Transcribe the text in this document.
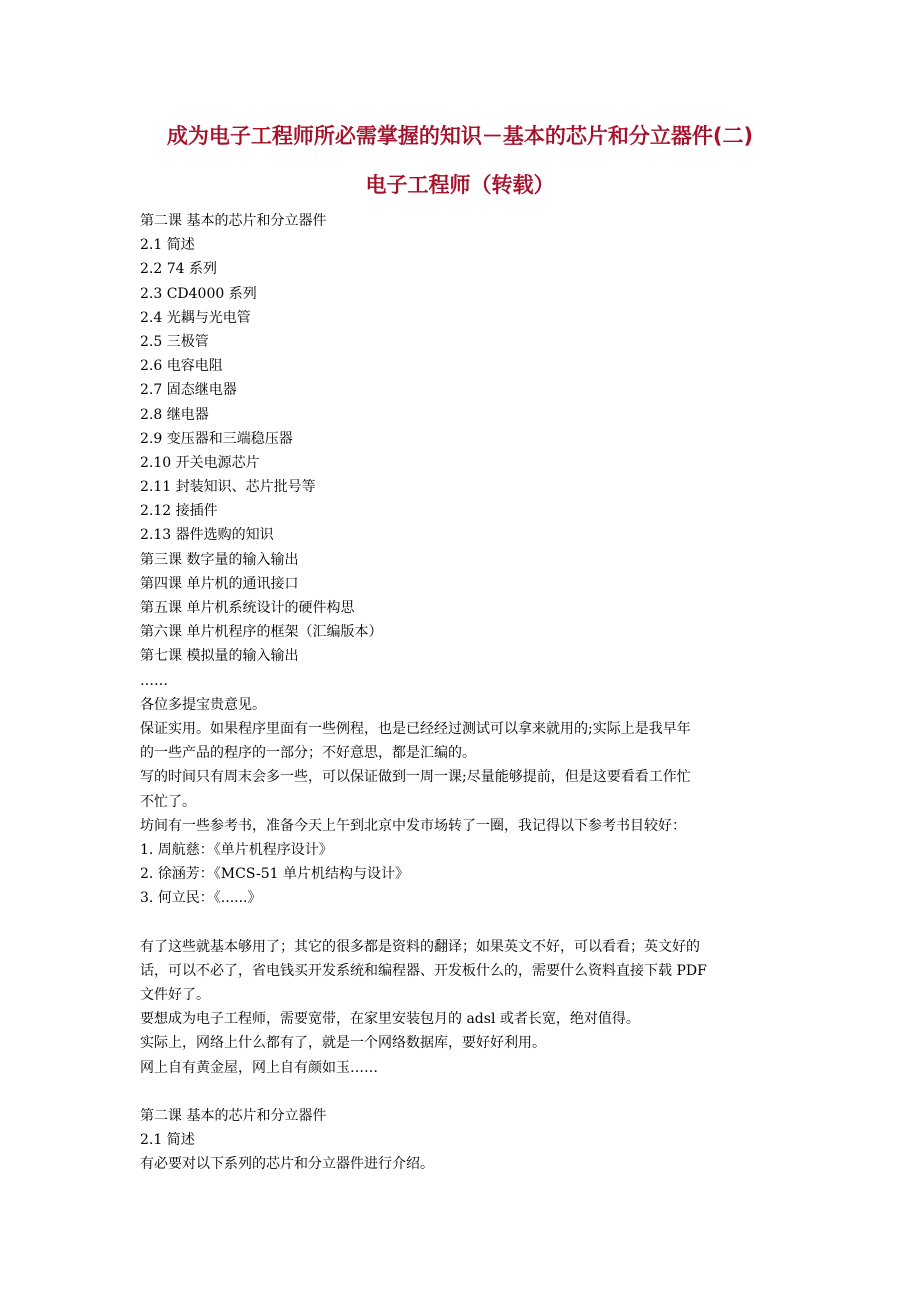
成为电子工程师所必需掌握的知识－基本的芯片和分立器件(二)
电子工程师（转载）
第二课 基本的芯片和分立器件
2.1 简述
2.2 74 系列
2.3 CD4000 系列
2.4 光耦与光电管
2.5 三极管
2.6 电容电阻
2.7 固态继电器
2.8 继电器
2.9 变压器和三端稳压器
2.10 开关电源芯片
2.11 封装知识、芯片批号等
2.12 接插件
2.13 器件选购的知识
第三课 数字量的输入输出
第四课 单片机的通讯接口
第五课 单片机系统设计的硬件构思
第六课 单片机程序的框架（汇编版本）
第七课 模拟量的输入输出
……
各位多提宝贵意见。
保证实用。如果程序里面有一些例程，也是已经经过测试可以拿来就用的;实际上是我早年
的一些产品的程序的一部分；不好意思，都是汇编的。
写的时间只有周末会多一些，可以保证做到一周一课;尽量能够提前，但是这要看看工作忙
不忙了。
坊间有一些参考书，准备今天上午到北京中发市场转了一圈，我记得以下参考书目较好：
1. 周航慈：《单片机程序设计》
2. 徐涵芳：《MCS-51 单片机结构与设计》
3. 何立民：《......》
有了这些就基本够用了；其它的很多都是资料的翻译；如果英文不好，可以看看；英文好的
话，可以不必了，省电钱买开发系统和编程器、开发板什么的，需要什么资料直接下载 PDF
文件好了。
要想成为电子工程师，需要宽带，在家里安装包月的 adsl 或者长宽，绝对值得。
实际上，网络上什么都有了，就是一个网络数据库，要好好利用。
网上自有黄金屋，网上自有颜如玉……
第二课 基本的芯片和分立器件
2.1 简述
有必要对以下系列的芯片和分立器件进行介绍。
